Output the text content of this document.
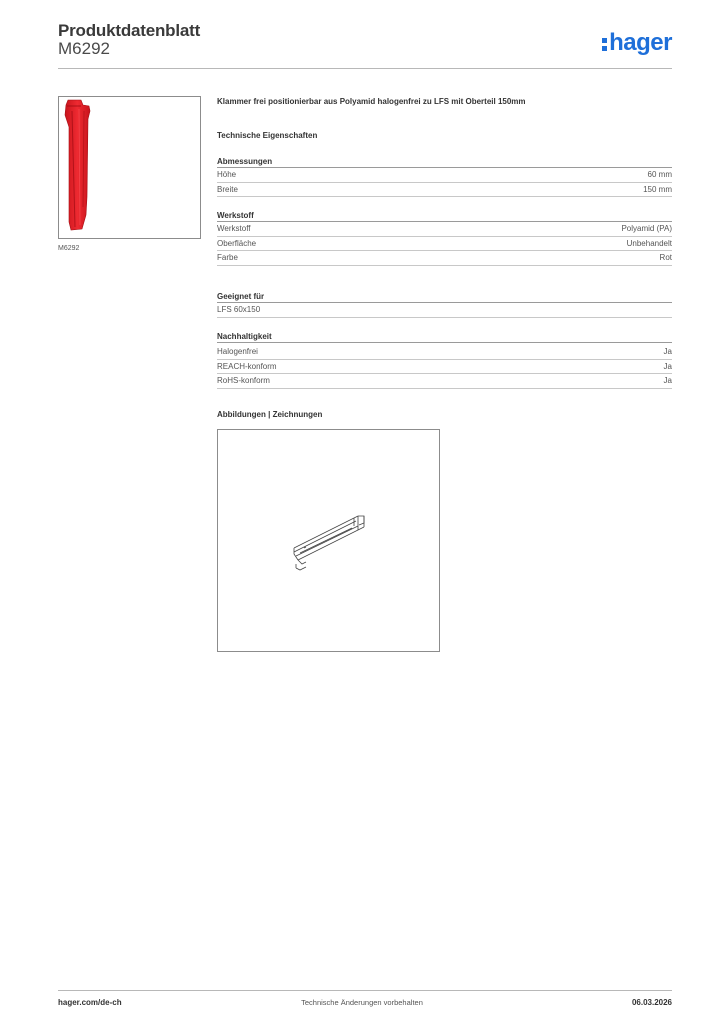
Produktdatenblatt
M6292	hager
M6292
Klammer frei positionierbar aus Polyamid halogenfrei zu LFS mit Oberteil 150mm
Technische Eigenschaften
Abmessungen
Höhe	60 mm
Breite	150 mm
Werkstoff
Werkstoff	Polyamid (PA)
Oberfläche	Unbehandelt
Farbe	Rot
Geeignet für
LFS 60x150
Nachhaltigkeit
Halogenfrei	Ja
REACH-konform	Ja
RoHS-konform	Ja
Abbildungen | Zeichnungen
hager.com/de-ch	Technische Änderungen vorbehalten	06.03.2026
